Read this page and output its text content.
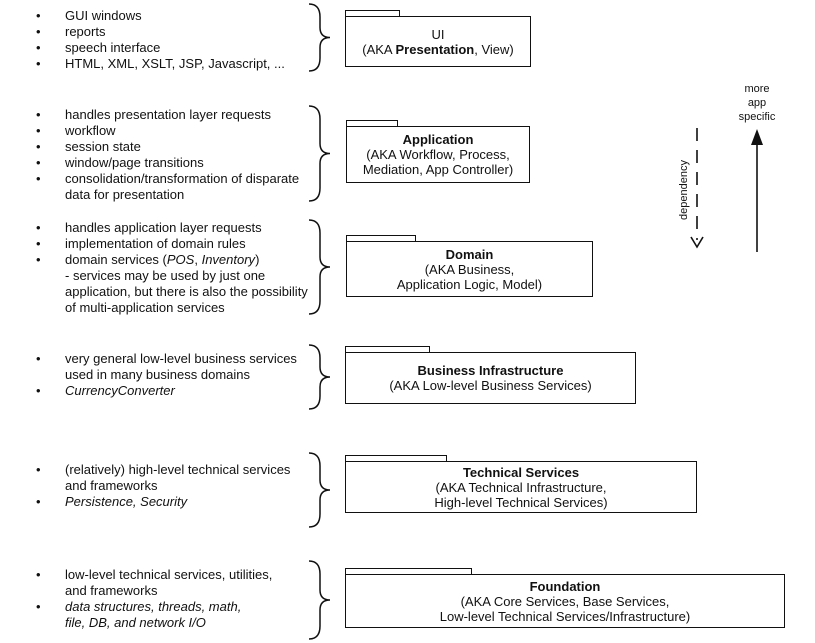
•	GUI windows
•	reports
•	speech interface
•	HTML, XML, XSLT, JSP, Javascript, ...
UI
(AKA Presentation, View)
•	handles presentation layer requests
•	workflow
•	session state
•	window/page transitions
•	consolidation/transformation of disparate
data for presentation
Application
(AKA Workflow, Process,
Mediation, App Controller)
•	handles application layer requests
•	implementation of domain rules
•	domain services (POS, Inventory)
- services may be used by just one
application, but there is also the possibility
of multi-application services
Domain
(AKA Business,
Application Logic, Model)
•	very general low-level business services
used in many business domains
•	CurrencyConverter
Business Infrastructure
(AKA Low-level Business Services)
•	(relatively) high-level technical services
and frameworks
•	Persistence, Security
Technical Services
(AKA Technical Infrastructure,
High-level Technical Services)
•	low-level technical services, utilities,
and frameworks
•	data structures, threads, math,
file, DB, and network I/O
Foundation
(AKA Core Services, Base Services,
Low-level Technical Services/Infrastructure)
more
app
specific
dependency
